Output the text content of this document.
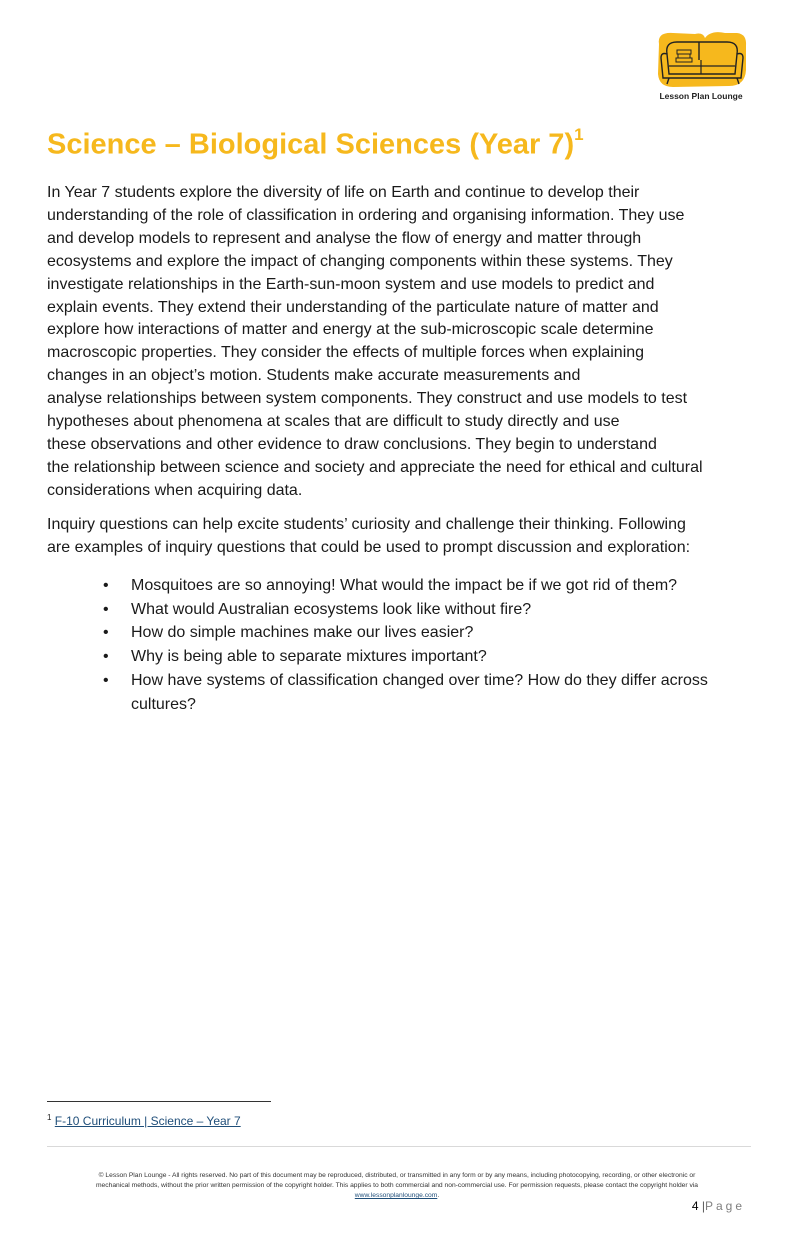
Lesson Plan Lounge
Science – Biological Sciences (Year 7)$^1$
In Year 7 students explore the diversity of life on Earth and continue to develop their
understanding of the role of classification in ordering and organising information. They use
and develop models to represent and analyse the flow of energy and matter through
ecosystems and explore the impact of changing components within these systems. They
investigate relationships in the Earth-sun-moon system and use models to predict and
explain events. They extend their understanding of the particulate nature of matter and
explore how interactions of matter and energy at the sub-microscopic scale determine
macroscopic properties. They consider the effects of multiple forces when explaining
changes in an object’s motion. Students make accurate measurements and
analyse relationships between system components. They construct and use models to test
hypotheses about phenomena at scales that are difficult to study directly and use
these observations and other evidence to draw conclusions. They begin to understand
the relationship between science and society and appreciate the need for ethical and cultural
considerations when acquiring data.
Inquiry questions can help excite students’ curiosity and challenge their thinking. Following
are examples of inquiry questions that could be used to prompt discussion and exploration:
• Mosquitoes are so annoying! What would the impact be if we got rid of them?
• What would Australian ecosystems look like without fire?
• How do simple machines make our lives easier?
• Why is being able to separate mixtures important?
• How have systems of classification changed over time? How do they differ across
cultures?
$^1$ F-10 Curriculum | Science – Year 7
© Lesson Plan Lounge - All rights reserved. No part of this document may be reproduced, distributed, or transmitted in any form or by any means, including photocopying, recording, or other electronic or
mechanical methods, without the prior written permission of the copyright holder. This applies to both commercial and non-commercial use. For permission requests, please contact the copyright holder via
www.lessonplanlounge.com.
4 |Page
